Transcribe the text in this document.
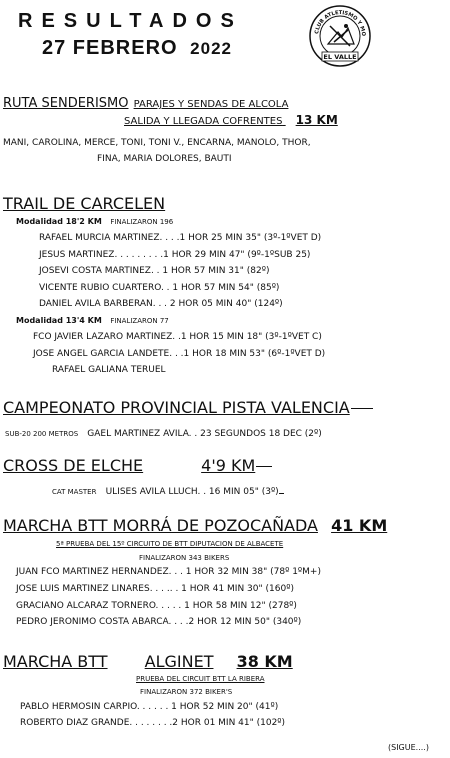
RESULTADOS
27 FEBRERO 2022
CLUB ATLETISMO Y MO
EL VALLE
RUTA SENDERISMO PARAJES Y SENDAS DE ALCOLA
SALIDA Y LLEGADA COFRENTES 13 KM
MANI, CAROLINA, MERCE, TONI, TONI V., ENCARNA, MANOLO, THOR,
FINA, MARIA DOLORES, BAUTI
TRAIL DE CARCELEN
Modalidad 18'2 KM FINALIZARON 196
RAFAEL MURCIA MARTINEZ. . . .1 HOR 25 MIN 35" (3º-1ºVET D)
JESUS MARTINEZ. . . . . . . . .1 HOR 29 MIN 47" (9º-1ºSUB 25)
JOSEVI COSTA MARTINEZ. . 1 HOR 57 MIN 31" (82º)
VICENTE RUBIO CUARTERO. . 1 HOR 57 MIN 54" (85º)
DANIEL AVILA BARBERAN. . . 2 HOR 05 MIN 40" (124º)
Modalidad 13'4 KM FINALIZARON 77
FCO JAVIER LAZARO MARTINEZ. .1 HOR 15 MIN 18" (3º-1ºVET C)
JOSE ANGEL GARCIA LANDETE. . .1 HOR 18 MIN 53" (6º-1ºVET D)
RAFAEL GALIANA TERUEL
CAMPEONATO PROVINCIAL PISTA VALENCIA
SUB-20 200 METROS GAEL MARTINEZ AVILA. . 23 SEGUNDOS 18 DEC (2º)
CROSS DE ELCHE	4'9 KM
CAT MASTER ULISES AVILA LLUCH. . 16 MIN 05" (3º)
MARCHA BTT MORRÁ DE POZOCAÑADA 41 KM
5ª PRUEBA DEL 15º CIRCUITO DE BTT DIPUTACION DE ALBACETE
FINALIZARON 343 BIKERS
JUAN FCO MARTINEZ HERNANDEZ. . . 1 HOR 32 MIN 38" (78º 1ºM+)
JOSE LUIS MARTINEZ LINARES. . . .. . 1 HOR 41 MIN 30" (160º)
GRACIANO ALCARAZ TORNERO. . . . . 1 HOR 58 MIN 12" (278º)
PEDRO JERONIMO COSTA ABARCA. . . .2 HOR 12 MIN 50" (340º)
MARCHA BTT ALGINET 38 KM
PRUEBA DEL CIRCUIT BTT LA RIBERA
FINALIZARON 372 BIKER'S
PABLO HERMOSIN CARPIO. . . . . . 1 HOR 52 MIN 20" (41º)
ROBERTO DIAZ GRANDE. . . . . . . .2 HOR 01 MIN 41" (102º)
(SIGUE....)
